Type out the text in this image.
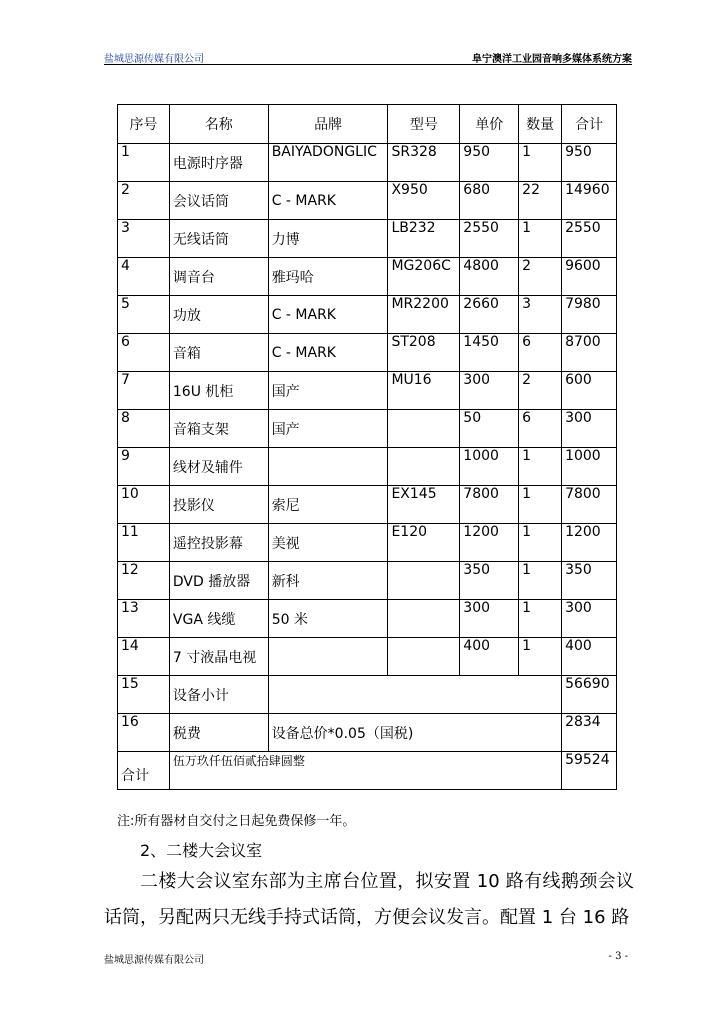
盐城思源传媒有限公司	阜宁澳洋工业园音响多媒体系统方案
序号	名称	品牌	型号	单价	数量	合计
1	电源时序器	BAIYADONGLIC	SR328	950	1	950
2	会议话筒	C - MARK	X950	680	22	14960
3	无线话筒	力博	LB232	2550	1	2550
4	调音台	雅玛哈	MG206C	4800	2	9600
5	功放	C - MARK	MR2200	2660	3	7980
6	音箱	C - MARK	ST208	1450	6	8700
7	16U 机柜	国产	MU16	300	2	600
8	音箱支架	国产		50	6	300
9	线材及辅件			1000	1	1000
10	投影仪	索尼	EX145	7800	1	7800
11	遥控投影幕	美视	E120	1200	1	1200
12	DVD 播放器	新科		350	1	350
13	VGA 线缆	50 米		300	1	300
14	7 寸液晶电视			400	1	400
15	设备小计					56690
16	税费	设备总价*0.05（国税)				2834
合计	伍万玖仟伍佰贰拾肆圆整					59524
注:所有器材自交付之日起免费保修一年。
2、二楼大会议室
二楼大会议室东部为主席台位置，拟安置 10 路有线鹅颈会议话筒，另配两只无线手持式话筒，方便会议发言。配置 1 台 16 路
盐城思源传媒有限公司	- 3 -
